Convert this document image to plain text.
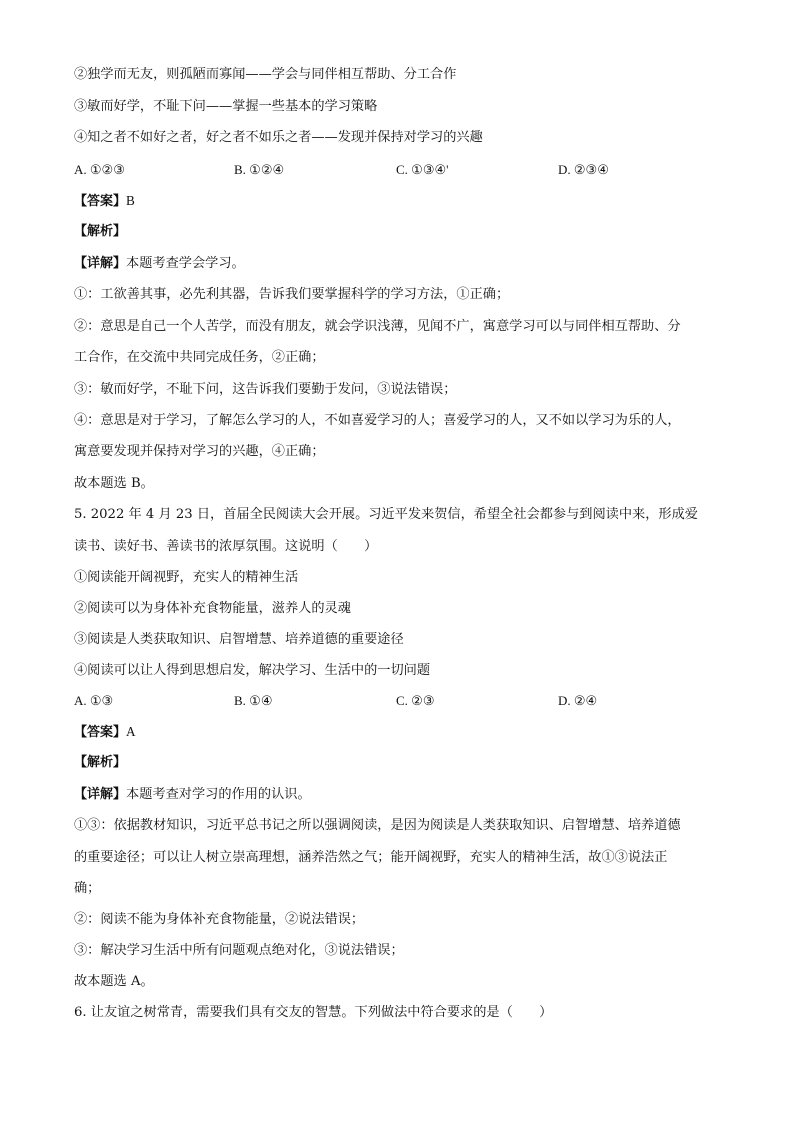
②独学而无友，则孤陋而寡闻——学会与同伴相互帮助、分工合作
③敏而好学，不耻下问——掌握一些基本的学习策略
④知之者不如好之者，好之者不如乐之者——发现并保持对学习的兴趣
A. ①②③	B. ①②④	C. ①③④'	D. ②③④
【答案】B
【解析】
【详解】本题考查学会学习。
①：工欲善其事，必先利其器，告诉我们要掌握科学的学习方法，①正确；
②：意思是自己一个人苦学，而没有朋友，就会学识浅薄，见闻不广，寓意学习可以与同伴相互帮助、分
工合作，在交流中共同完成任务，②正确；
③：敏而好学，不耻下问，这告诉我们要勤于发问，③说法错误；
④：意思是对于学习，了解怎么学习的人，不如喜爱学习的人；喜爱学习的人，又不如以学习为乐的人，
寓意要发现并保持对学习的兴趣，④正确；
故本题选 B。
5. 2022 年 4 月 23 日，首届全民阅读大会开展。习近平发来贺信，希望全社会都参与到阅读中来，形成爱
读书、读好书、善读书的浓厚氛围。这说明（　　）
①阅读能开阔视野，充实人的精神生活
②阅读可以为身体补充食物能量，滋养人的灵魂
③阅读是人类获取知识、启智增慧、培养道德的重要途径
④阅读可以让人得到思想启发，解决学习、生活中的一切问题
A. ①③	B. ①④	C. ②③	D. ②④
【答案】A
【解析】
【详解】本题考查对学习的作用的认识。
①③：依据教材知识，习近平总书记之所以强调阅读，是因为阅读是人类获取知识、启智增慧、培养道德
的重要途径；可以让人树立崇高理想，涵养浩然之气；能开阔视野，充实人的精神生活，故①③说法正
确；
②：阅读不能为身体补充食物能量，②说法错误；
③：解决学习生活中所有问题观点绝对化，③说法错误；
故本题选 A。
6. 让友谊之树常青，需要我们具有交友的智慧。下列做法中符合要求的是（　　）
